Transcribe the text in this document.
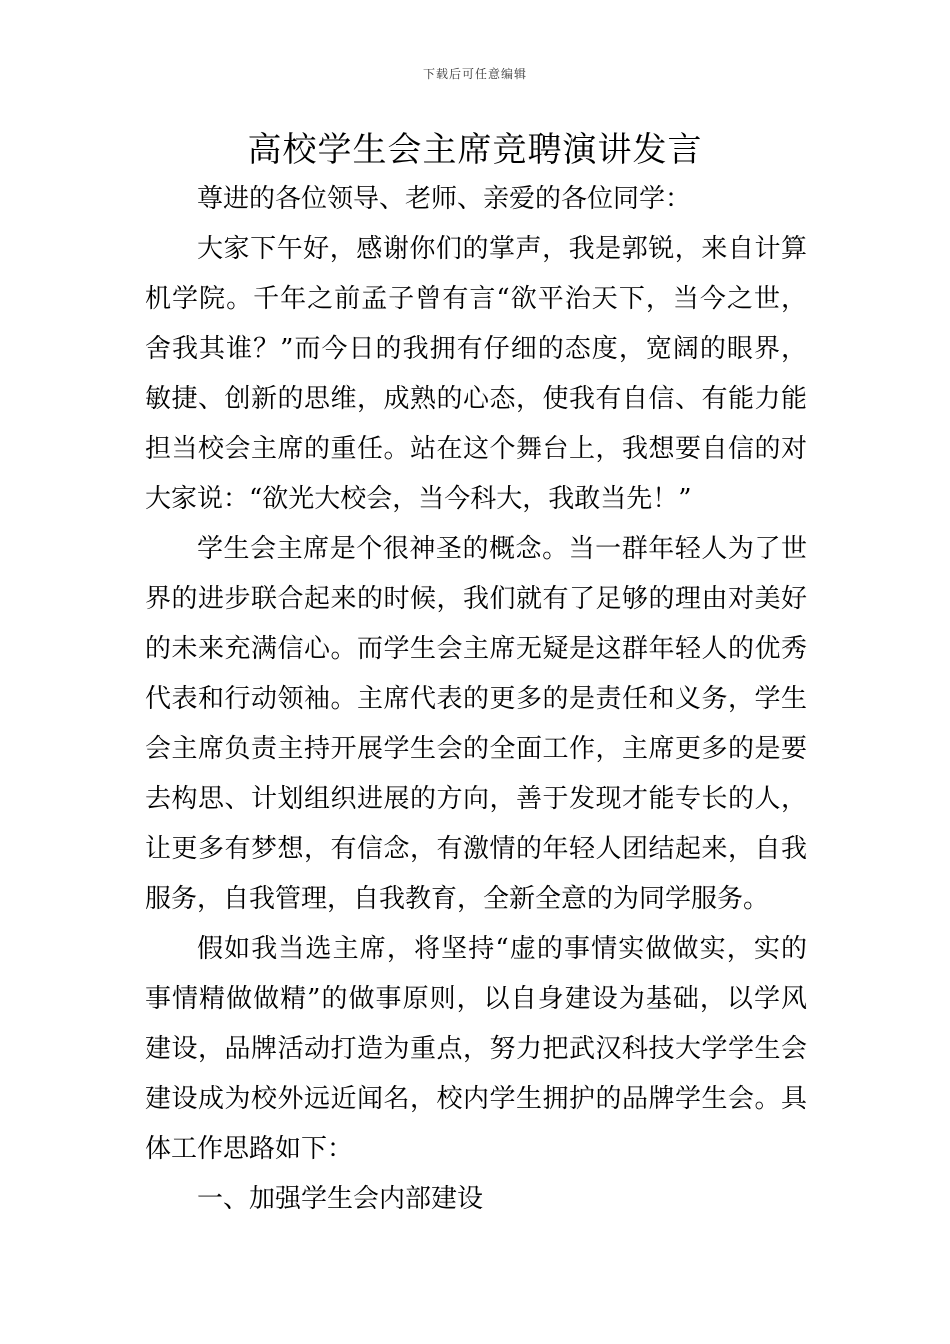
下载后可任意编辑
高校学生会主席竞聘演讲发言

尊进的各位领导、老师、亲爱的各位同学：

大家下午好，感谢你们的掌声，我是郭锐，来自计算机学院。千年之前孟子曾有言“欲平治天下，当今之世，舍我其谁？”而今日的我拥有仔细的态度，宽阔的眼界，敏捷、创新的思维，成熟的心态，使我有自信、有能力能担当校会主席的重任。站在这个舞台上，我想要自信的对大家说：“欲光大校会，当今科大，我敢当先！”

学生会主席是个很神圣的概念。当一群年轻人为了世界的进步联合起来的时候，我们就有了足够的理由对美好的未来充满信心。而学生会主席无疑是这群年轻人的优秀代表和行动领袖。主席代表的更多的是责任和义务，学生会主席负责主持开展学生会的全面工作，主席更多的是要去构思、计划组织进展的方向，善于发现才能专长的人，让更多有梦想，有信念，有激情的年轻人团结起来，自我服务，自我管理，自我教育，全新全意的为同学服务。

假如我当选主席，将坚持“虚的事情实做做实，实的事情精做做精”的做事原则，以自身建设为基础，以学风建设，品牌活动打造为重点，努力把武汉科技大学学生会建设成为校外远近闻名，校内学生拥护的品牌学生会。具体工作思路如下：

一、加强学生会内部建设
